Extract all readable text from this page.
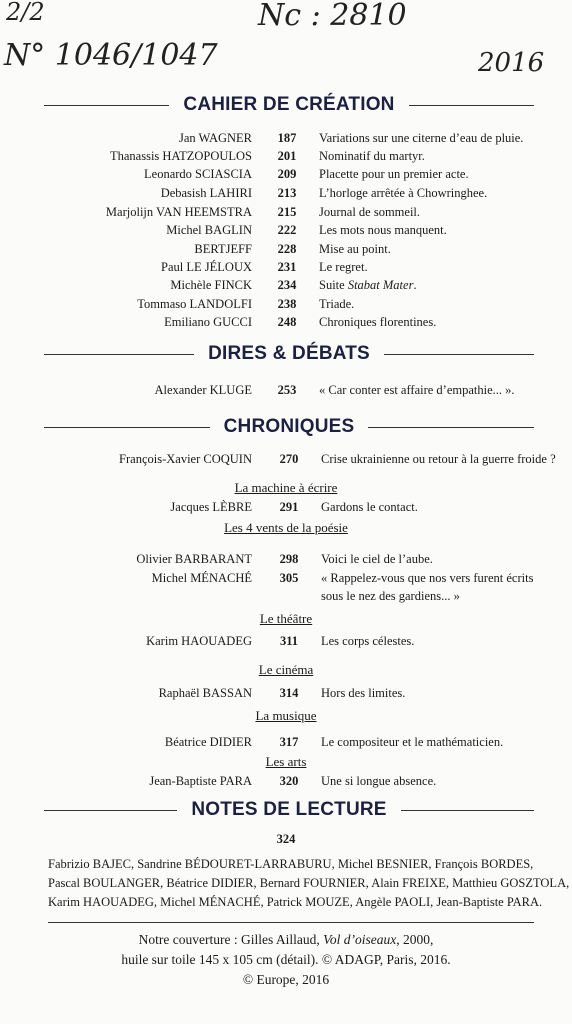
2/2	Nc : 2810
N° 1046/1047	2016
CAHIER DE CRÉATION
Jan WAGNER 187 Variations sur une citerne d’eau de pluie.
Thanassis HATZOPOULOS 201 Nominatif du martyr.
Leonardo SCIASCIA 209 Placette pour un premier acte.
Debasish LAHIRI 213 L’horloge arrêtée à Chowringhee.
Marjolijn VAN HEEMSTRA 215 Journal de sommeil.
Michel BAGLIN 222 Les mots nous manquent.
BERTJEFF 228 Mise au point.
Paul LE JÉLOUX 231 Le regret.
Michèle FINCK 234 Suite Stabat Mater.
Tommaso LANDOLFI 238 Triade.
Emiliano GUCCI 248 Chroniques florentines.
DIRES & DÉBATS
Alexander KLUGE 253 « Car conter est affaire d’empathie... ».
CHRONIQUES
François-Xavier COQUIN 270 Crise ukrainienne ou retour à la guerre froide ?
La machine à écrire
Jacques LÈBRE 291 Gardons le contact.
Les 4 vents de la poésie
Olivier BARBARANT 298 Voici le ciel de l’aube.
Michel MÉNACHÉ 305 « Rappelez-vous que nos vers furent écrits
sous le nez des gardiens... »
Le théâtre
Karim HAOUADEG 311 Les corps célestes.
Le cinéma
Raphaël BASSAN 314 Hors des limites.
La musique
Béatrice DIDIER 317 Le compositeur et le mathématicien.
Les arts
Jean-Baptiste PARA 320 Une si longue absence.
NOTES DE LECTURE
324
Fabrizio BAJEC, Sandrine BÉDOURET-LARRABURU, Michel BESNIER, François BORDES,
Pascal BOULANGER, Béatrice DIDIER, Bernard FOURNIER, Alain FREIXE, Matthieu GOSZTOLA,
Karim HAOUADEG, Michel MÉNACHÉ, Patrick MOUZE, Angèle PAOLI, Jean-Baptiste PARA.
Notre couverture : Gilles Aillaud, Vol d’oiseaux, 2000,
huile sur toile 145 x 105 cm (détail). © ADAGP, Paris, 2016.
© Europe, 2016
